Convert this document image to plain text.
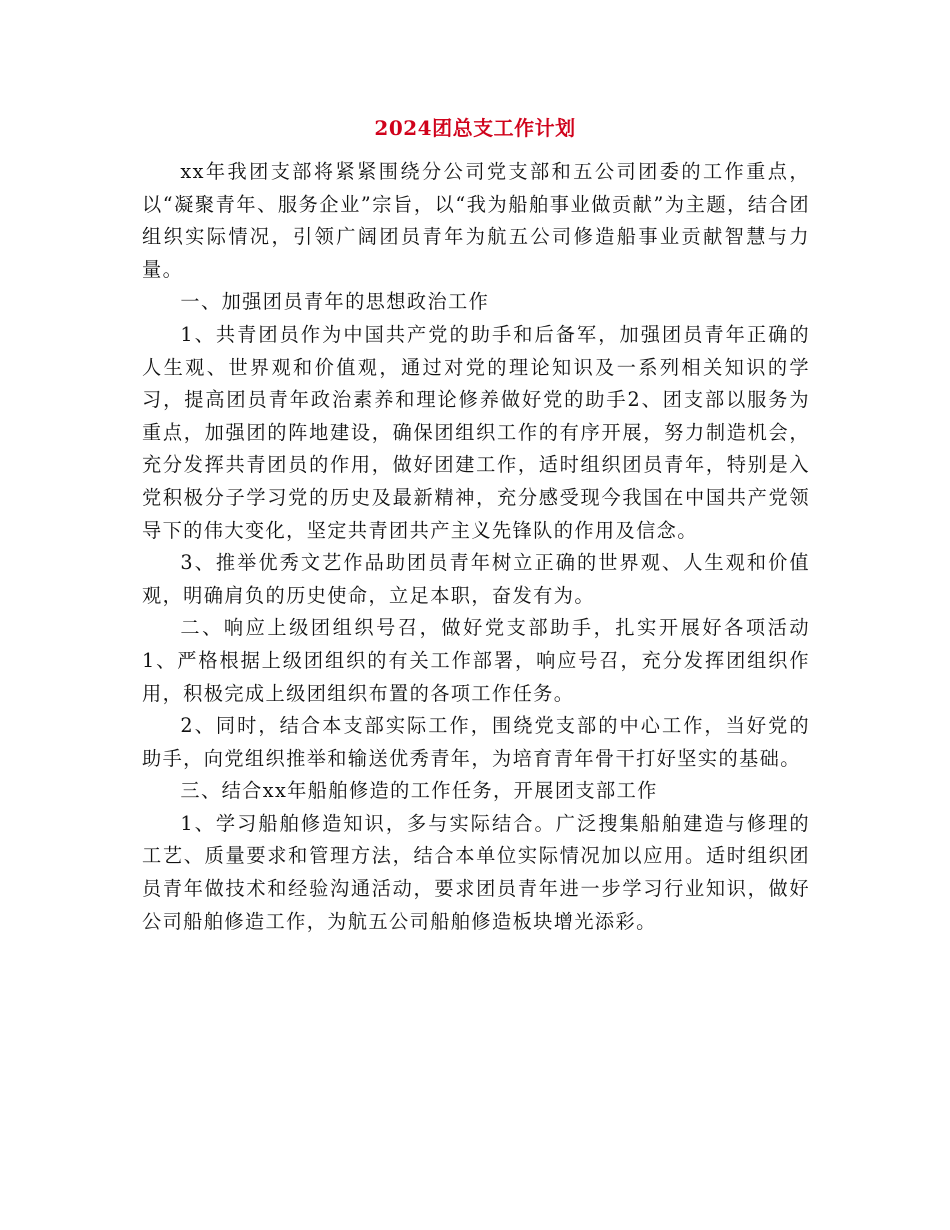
2024团总支工作计划

xx年我团支部将紧紧围绕分公司党支部和五公司团委的工作重点，以“凝聚青年、服务企业”宗旨，以“我为船舶事业做贡献”为主题，结合团组织实际情况，引领广阔团员青年为航五公司修造船事业贡献智慧与力量。

一、加强团员青年的思想政治工作

1、共青团员作为中国共产党的助手和后备军，加强团员青年正确的人生观、世界观和价值观，通过对党的理论知识及一系列相关知识的学习，提高团员青年政治素养和理论修养做好党的助手2、团支部以服务为重点，加强团的阵地建设，确保团组织工作的有序开展，努力制造机会，充分发挥共青团员的作用，做好团建工作，适时组织团员青年，特别是入党积极分子学习党的历史及最新精神，充分感受现今我国在中国共产党领导下的伟大变化，坚定共青团共产主义先锋队的作用及信念。

3、推举优秀文艺作品助团员青年树立正确的世界观、人生观和价值观，明确肩负的历史使命，立足本职，奋发有为。

二、响应上级团组织号召，做好党支部助手，扎实开展好各项活动1、严格根据上级团组织的有关工作部署，响应号召，充分发挥团组织作用，积极完成上级团组织布置的各项工作任务。

2、同时，结合本支部实际工作，围绕党支部的中心工作，当好党的助手，向党组织推举和输送优秀青年，为培育青年骨干打好坚实的基础。

三、结合xx年船舶修造的工作任务，开展团支部工作

1、学习船舶修造知识，多与实际结合。广泛搜集船舶建造与修理的工艺、质量要求和管理方法，结合本单位实际情况加以应用。适时组织团员青年做技术和经验沟通活动，要求团员青年进一步学习行业知识，做好公司船舶修造工作，为航五公司船舶修造板块增光添彩。
